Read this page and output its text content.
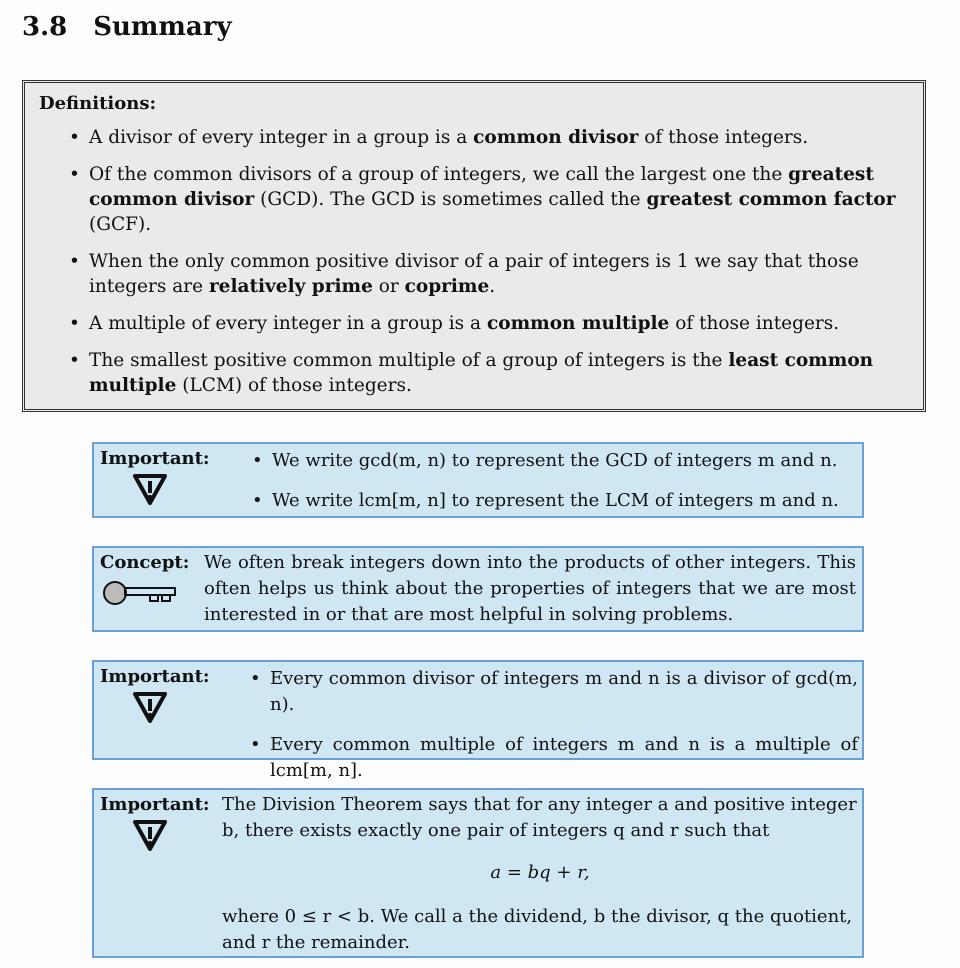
3.8 Summary
Definitions:
• A divisor of every integer in a group is a common divisor of those integers.
• Of the common divisors of a group of integers, we call the largest one the greatest common divisor (GCD). The GCD is sometimes called the greatest common factor (GCF).
• When the only common positive divisor of a pair of integers is 1 we say that those integers are relatively prime or coprime.
• A multiple of every integer in a group is a common multiple of those integers.
• The smallest positive common multiple of a group of integers is the least common multiple (LCM) of those integers.
Important:	• We write gcd(m, n) to represent the GCD of integers m and n.
• We write lcm[m, n] to represent the LCM of integers m and n.
Concept: We often break integers down into the products of other integers. This often helps us think about the properties of integers that we are most interested in or that are most helpful in solving problems.
Important:	• Every common divisor of integers m and n is a divisor of gcd(m, n).
• Every common multiple of integers m and n is a multiple of lcm[m, n].
Important: The Division Theorem says that for any integer a and positive integer b, there exists exactly one pair of integers q and r such that
a = bq + r,
where 0 ≤ r < b. We call a the dividend, b the divisor, q the quotient, and r the remainder.
